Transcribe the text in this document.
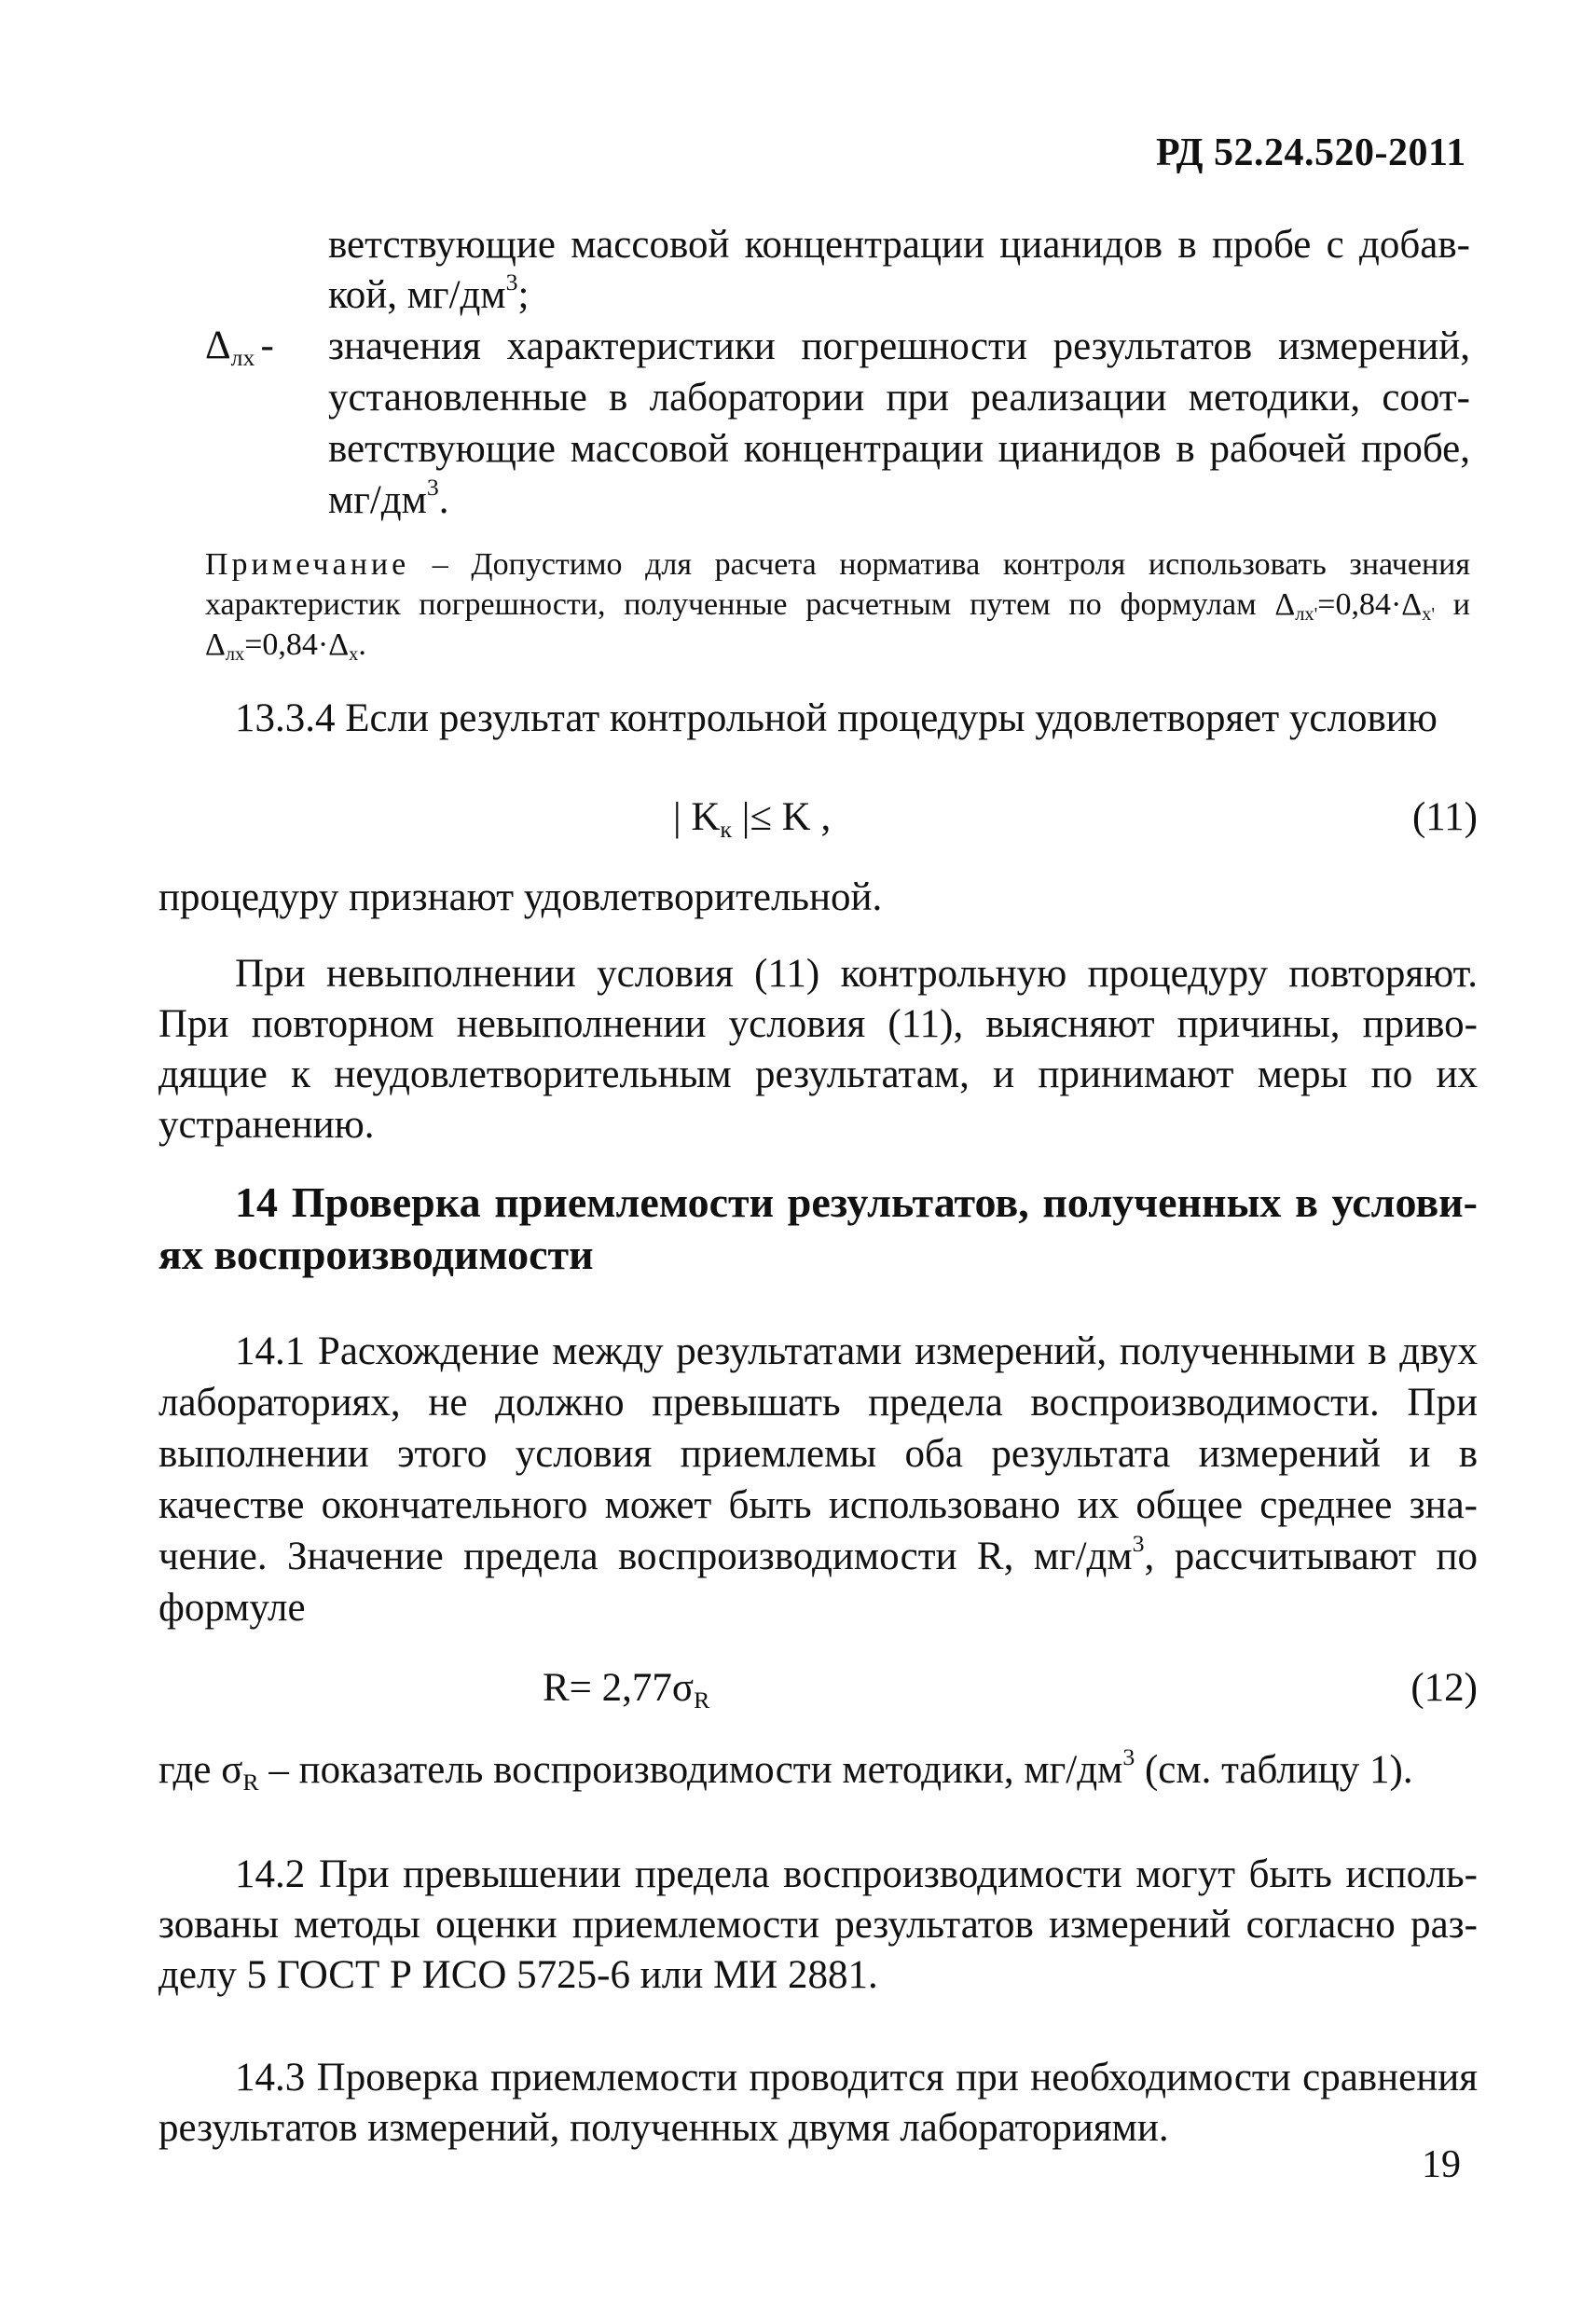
РД 52.24.520-2011
ветствующие массовой концентрации цианидов в пробе с добавкой, $мг/дм^3$;
$\Delta_{лх}$ - значения характеристики погрешности результатов измерений, установленные в лаборатории при реализации методики, соответствующие массовой концентрации цианидов в рабочей пробе, $мг/дм^3$.
Примечание – Допустимо для расчета норматива контроля использовать значения характеристик погрешности, полученные расчетным путем по формулам $\Delta_{лх'}=0,84\cdot\Delta_{х'}$ и $\Delta_{лх}=0,84\cdot\Delta_х$.
13.3.4 Если результат контрольной процедуры удовлетворяет условию
| $K_к$ |≤ K ,	(11)
процедуру признают удовлетворительной.
При невыполнении условия (11) контрольную процедуру повторяют. При повторном невыполнении условия (11), выясняют причины, приводящие к неудовлетворительным результатам, и принимают меры по их устранению.
14 Проверка приемлемости результатов, полученных в условиях воспроизводимости
14.1 Расхождение между результатами измерений, полученными в двух лабораториях, не должно превышать предела воспроизводимости. При выполнении этого условия приемлемы оба результата измерений и в качестве окончательного может быть использовано их общее среднее значение. Значение предела воспроизводимости R, $мг/дм^3$, рассчитывают по формуле
$R= 2,77\sigma_R$	(12)
где $\sigma_R$ – показатель воспроизводимости методики, $мг/дм^3$ (см. таблицу 1).
14.2 При превышении предела воспроизводимости могут быть использованы методы оценки приемлемости результатов измерений согласно разделу 5 ГОСТ Р ИСО 5725-6 или МИ 2881.
14.3 Проверка приемлемости проводится при необходимости сравнения результатов измерений, полученных двумя лабораториями.
19
